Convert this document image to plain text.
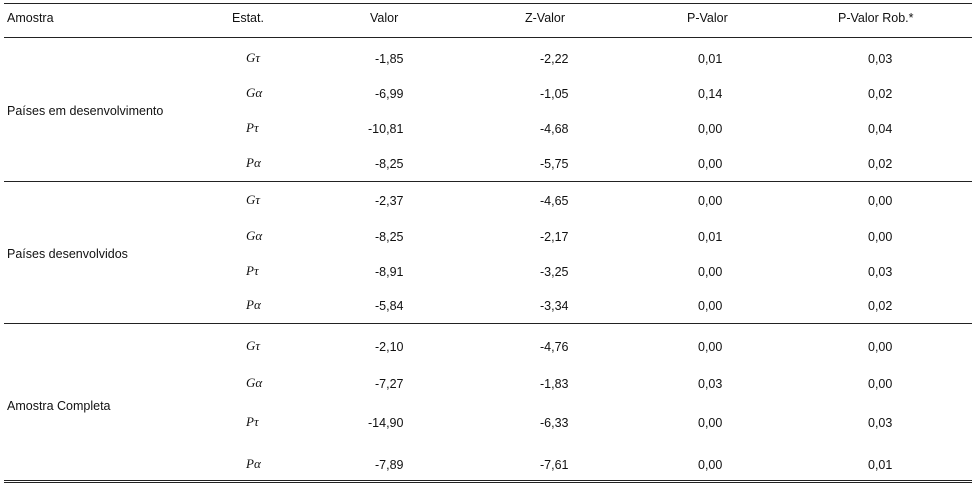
Amostra	Estat.	Valor	Z-Valor	P-Valor	P-Valor Rob.*
Países em desenvolvimento
Gτ	-1,85	-2,22	0,01	0,03
Gα	-6,99	-1,05	0,14	0,02
Pτ	-10,81	-4,68	0,00	0,04
Pα	-8,25	-5,75	0,00	0,02
Países desenvolvidos
Gτ	-2,37	-4,65	0,00	0,00
Gα	-8,25	-2,17	0,01	0,00
Pτ	-8,91	-3,25	0,00	0,03
Pα	-5,84	-3,34	0,00	0,02
Amostra Completa
Gτ	-2,10	-4,76	0,00	0,00
Gα	-7,27	-1,83	0,03	0,00
Pτ	-14,90	-6,33	0,00	0,03
Pα	-7,89	-7,61	0,00	0,01
